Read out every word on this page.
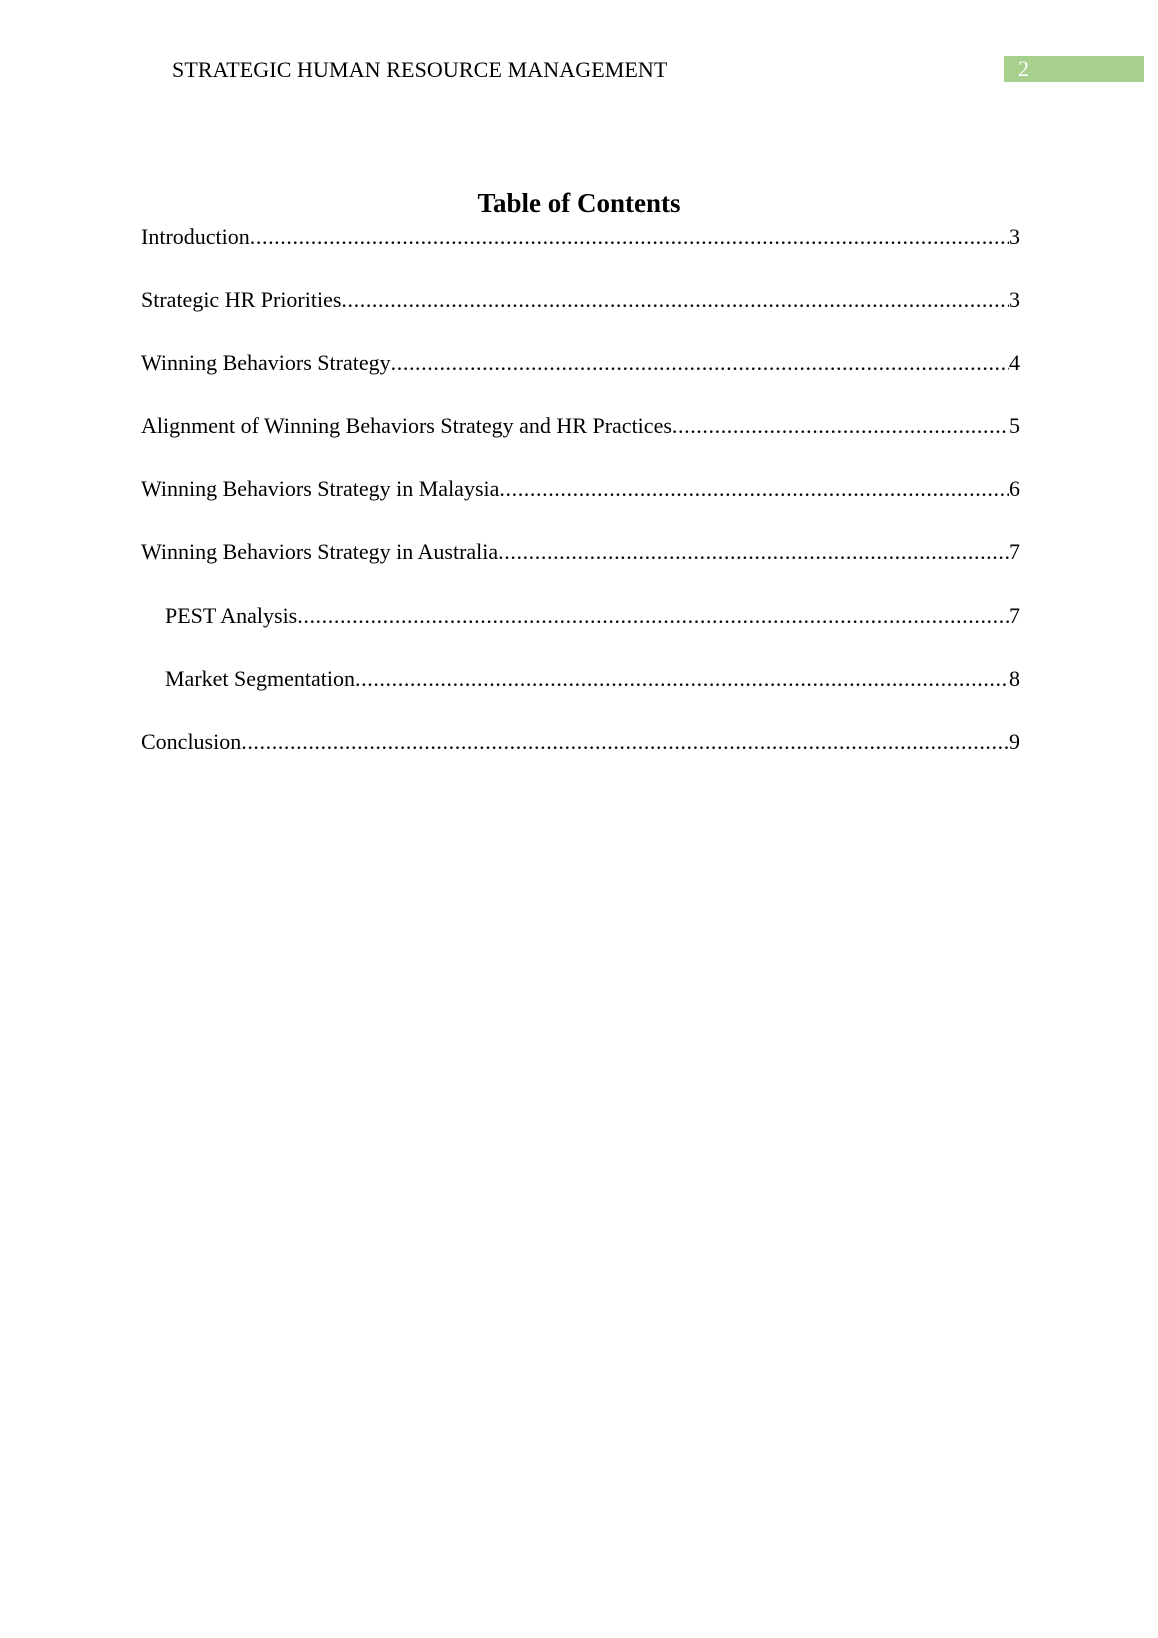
STRATEGIC HUMAN RESOURCE MANAGEMENT	2
Table of Contents
Introduction .....	3
Strategic HR Priorities .....	3
Winning Behaviors Strategy .....	4
Alignment of Winning Behaviors Strategy and HR Practices .....	5
Winning Behaviors Strategy in Malaysia .....	6
Winning Behaviors Strategy in Australia .....	7
PEST Analysis .....	7
Market Segmentation .....	8
Conclusion .....	9
